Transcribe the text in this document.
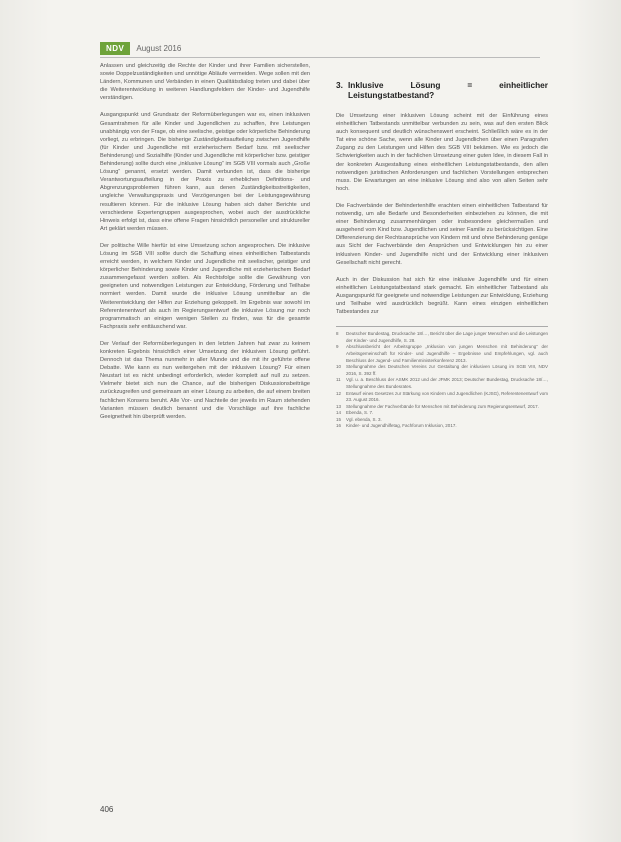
NDV	August 2016

Anlassen und gleichzeitig die Rechte der Kinder und ihrer Familien sicherstellen, sowie Doppelzuständigkeiten und unnötige Abläufe vermeiden. Wege sollen mit den Ländern, Kommunen und Verbänden in einen Qualitätsdialog treten und dabei über die Weiterentwicklung in weiteren Handlungsfeldern der Kinder- und Jugendhilfe verständigen.

Ausgangspunkt und Grundsatz der Reformüberlegungen war es, einen inklusiven Gesamtrahmen für alle Kinder und Jugendlichen zu schaffen, ihre Leistungen unabhängig von der Frage, ob eine seelische, geistige oder körperliche Behinderung vorliegt, zu erbringen. Die bisherige Zuständigkeitsaufteilung zwischen Jugendhilfe (für Kinder und Jugendliche mit erzieherischem Bedarf bzw. mit seelischer Behinderung) und Sozialhilfe (Kinder und Jugendliche mit körperlicher bzw. geistiger Behinderung) sollte durch eine „inklusive Lösung“ im SGB VIII vormals auch „Große Lösung“ genannt, ersetzt werden. Damit verbunden ist, dass die bisherige Verantwortungsaufteilung in der Praxis zu erheblichen Definitions- und Abgrenzungsproblemen führen kann, aus denen Zuständigkeitsstreitigkeiten, ungleiche Verwaltungspraxis und Verzögerungen bei der Leistungsgewährung resultieren können. Für die inklusive Lösung haben sich daher Berichte und verschiedene Expertengruppen ausgesprochen, wobei auch der ausdrückliche Hinweis erfolgt ist, dass eine offene Fragen hinsichtlich personeller und struktureller Art geklärt werden müssen.

Der politische Wille hierfür ist eine Umsetzung schon angesprochen. Die inklusive Lösung im SGB VIII sollte durch die Schaffung eines einheitlichen Tatbestands erreicht werden, in welchem Kinder und Jugendliche mit seelischer, geistiger und körperlicher Behinderung sowie Kinder und Jugendliche mit erzieherischem Bedarf zusammengefasst werden sollten. Als Rechtsfolge sollte die Gewährung von geeigneten und notwendigen Leistungen zur Entwicklung, Förderung und Teilhabe normiert werden. Damit wurde die inklusive Lösung unmittelbar an die Weiterentwicklung der Hilfen zur Erziehung gekoppelt. Im Ergebnis war sowohl im Referentenentwurf als auch im Regierungsentwurf die inklusive Lösung nur noch programmatisch an einigen wenigen Stellen zu finden, was für die gesamte Fachpraxis sehr enttäuschend war.

Der Verlauf der Reformüberlegungen in den letzten Jahren hat zwar zu keinem konkreten Ergebnis hinsichtlich einer Umsetzung der inklusiven Lösung geführt. Dennoch ist das Thema nunmehr in aller Munde und die mit ihr geführte offene Debatte. Wie kann es nun weitergehen mit der inklusiven Lösung? Für einen Neustart ist es nicht unbedingt erforderlich, wieder komplett auf null zu setzen. Vielmehr bietet sich nun die Chance, auf die bisherigen Diskussionsbeiträge zurückzugreifen und gemeinsam an einer Lösung zu arbeiten, die auf einem breiten fachlichen Konsens beruht. Alle Vor- und Nachteile der jeweils im Raum stehenden Varianten müssen deutlich benannt und die Vorschläge auf ihre fachliche Geeignetheit hin überprüft werden.

3. Inklusive Lösung = einheitlicher Leistungstatbestand?

Die Umsetzung einer inklusiven Lösung scheint mit der Einführung eines einheitlichen Tatbestands unmittelbar verbunden zu sein, was auf den ersten Blick auch konsequent und deutlich wünschenswert erscheint. Schließlich wäre es in der Tat eine schöne Sache, wenn alle Kinder und Jugendlichen über einen Paragrafen Zugang zu den Leistungen und Hilfen des SGB VIII bekämen. Wie es jedoch die Schwierigkeiten auch in der fachlichen Umsetzung einer guten Idee, in diesem Fall in der konkreten Ausgestaltung eines einheitlichen Leistungstatbestands, den allen notwendigen juristischen Anforderungen und fachlichen Vorstellungen entsprechen muss. Die Erwartungen an eine inklusive Lösung sind also von allen Seiten sehr hoch.

Die Fachverbände der Behindertenhilfe erachten einen einheitlichen Tatbestand für notwendig, um alle Bedarfe und Besonderheiten einbeziehen zu können, die mit einer Behinderung zusammenhängen oder insbesondere gleichermaßen und ausgehend vom Kind bzw. Jugendlichen und seiner Familie zu berücksichtigen. Eine Differenzierung der Rechtsansprüche von Kindern mit und ohne Behinderung genüge aus Sicht der Fachverbände den Ansprüchen und Entwicklungen hin zu einer inklusiven Kinder- und Jugendhilfe nicht und der Entwicklung einer inklusiven Gesellschaft nicht gerecht.

Auch in der Diskussion hat sich für eine inklusive Jugendhilfe und für einen einheitlichen Leistungstatbestand stark gemacht. Ein einheitlicher Tatbestand als Ausgangspunkt für geeignete und notwendige Leistungen zur Entwicklung, Erziehung und Teilhabe wird ausdrücklich begrüßt. Kann eines einzigen einheitlichen Tatbestandes zur

8	Deutscher Bundestag, Drucksache 18/…, Bericht über die Lage junger Menschen und die Leistungen der Kinder- und Jugendhilfe, S. 28.
9	Abschlussbericht der Arbeitsgruppe „Inklusion von jungen Menschen mit Behinderung“ der Arbeitsgemeinschaft für Kinder- und Jugendhilfe – Ergebnisse und Empfehlungen, vgl. auch Beschluss der Jugend- und Familienministerkonferenz 2013.
10	Stellungnahme des Deutschen Vereins zur Gestaltung der inklusiven Lösung im SGB VIII, NDV 2016, S. 392 ff.
11	Vgl. u. a. Beschluss der ASMK 2012 und der JFMK 2013; Deutscher Bundestag, Drucksache 18/…, Stellungnahme des Bundesrates.
12	Entwurf eines Gesetzes zur Stärkung von Kindern und Jugendlichen (KJSG), Referentenentwurf vom 23. August 2016.
13	Stellungnahme der Fachverbände für Menschen mit Behinderung zum Regierungsentwurf, 2017.
14	Ebenda, S. 7.
15	Vgl. ebenda, S. 3.
16	Kinder- und Jugendhilfetag, Fachforum Inklusion, 2017.
406
